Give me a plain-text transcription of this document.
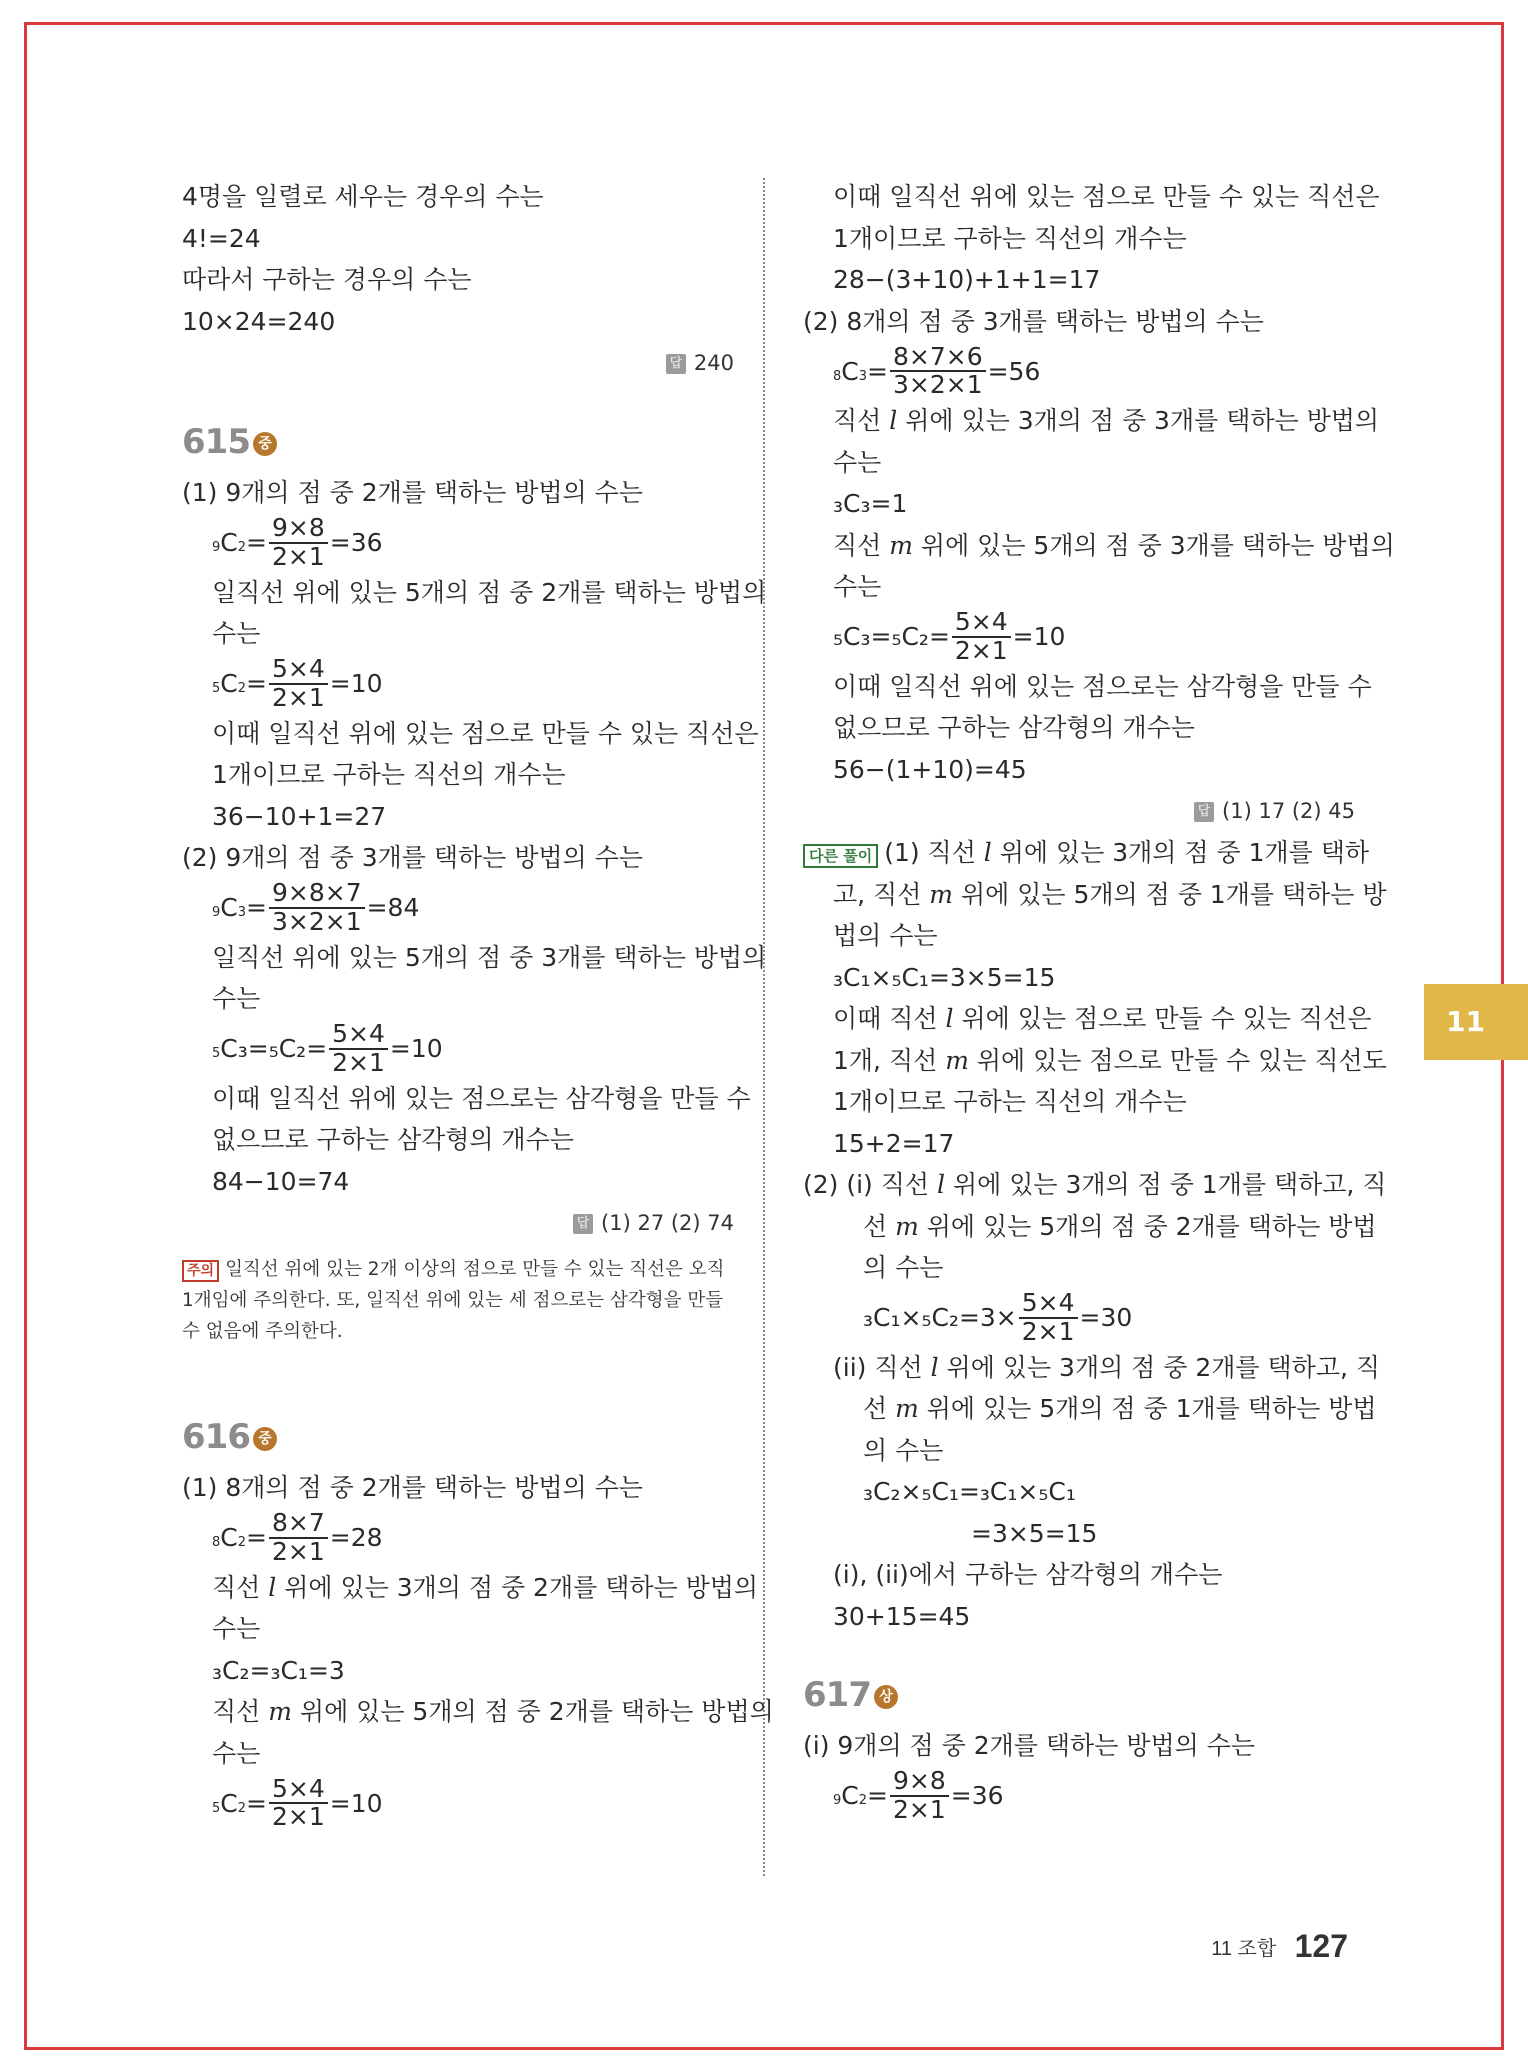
4명을 일렬로 세우는 경우의 수는
4!=24
따라서 구하는 경우의 수는
10×24=240
답 240
615 중
(1) 9개의 점 중 2개를 택하는 방법의 수는
$_9$ $C_2 = \frac{9\times 8}{2\times 1} =36$
일직선 위에 있는 5개의 점 중 2개를 택하는 방법의
수는
$_5$ $C_2 = \frac{5\times 4}{2\times 1} =10$
이때 일직선 위에 있는 점으로 만들 수 있는 직선은
1개이므로 구하는 직선의 개수는
36−10+1=27
(2) 9개의 점 중 3개를 택하는 방법의 수는
$_9$ $C_3 = \frac{9\times 8\times 7}{3\times 2\times 1} =84$
일직선 위에 있는 5개의 점 중 3개를 택하는 방법의
수는
$_5$ $C_3=_5C_2= \frac{5\times 4}{2\times 1} =10$
이때 일직선 위에 있는 점으로는 삼각형을 만들 수
없으므로 구하는 삼각형의 개수는
84−10=74
답 (1) 27 (2) 74
주의 일직선 위에 있는 2개 이상의 점으로 만들 수 있는 직선은 오직 1개임에 주의한다. 또, 일직선 위에 있는 세 점으로는 삼각형을 만들 수 없음에 주의한다.
616 중
(1) 8개의 점 중 2개를 택하는 방법의 수는
$_8$ $C_2 = \frac{8\times 7}{2\times 1} =28$
직선 l 위에 있는 3개의 점 중 2개를 택하는 방법의
수는
₃C₂=₃C₁=3
직선 m 위에 있는 5개의 점 중 2개를 택하는 방법의
수는
$_5$ $C_2 = \frac{5\times 4}{2\times 1} =10$
이때 일직선 위에 있는 점으로 만들 수 있는 직선은
1개이므로 구하는 직선의 개수는
28−(3+10)+1+1=17
(2) 8개의 점 중 3개를 택하는 방법의 수는
$_8$ $C_3 = \frac{8\times 7\times 6}{3\times 2\times 1} =56$
직선 l 위에 있는 3개의 점 중 3개를 택하는 방법의
수는
₃C₃=1
직선 m 위에 있는 5개의 점 중 3개를 택하는 방법의
수는
$_5C_3=_5C_2= \frac{5\times 4}{2\times 1} =10$
이때 일직선 위에 있는 점으로는 삼각형을 만들 수
없으므로 구하는 삼각형의 개수는
56−(1+10)=45
답 (1) 17 (2) 45
다른 풀이 (1) 직선 l 위에 있는 3개의 점 중 1개를 택하
고, 직선 m 위에 있는 5개의 점 중 1개를 택하는 방
법의 수는
₃C₁×₅C₁=3×5=15
이때 직선 l 위에 있는 점으로 만들 수 있는 직선은
1개, 직선 m 위에 있는 점으로 만들 수 있는 직선도
1개이므로 구하는 직선의 개수는
15+2=17
(2) (i) 직선 l 위에 있는 3개의 점 중 1개를 택하고, 직
선 m 위에 있는 5개의 점 중 2개를 택하는 방법
의 수는
$_3C_1\times_5C_2=3\times \frac{5\times 4}{2\times 1} =30$
(ii) 직선 l 위에 있는 3개의 점 중 2개를 택하고, 직
선 m 위에 있는 5개의 점 중 1개를 택하는 방법
의 수는
₃C₂×₅C₁=₃C₁×₅C₁
=3×5=15
(i), (ii)에서 구하는 삼각형의 개수는
30+15=45
617 상
(i) 9개의 점 중 2개를 택하는 방법의 수는
$_9$ $C_2 = \frac{9\times 8}{2\times 1} =36$
11
11 조합 127
